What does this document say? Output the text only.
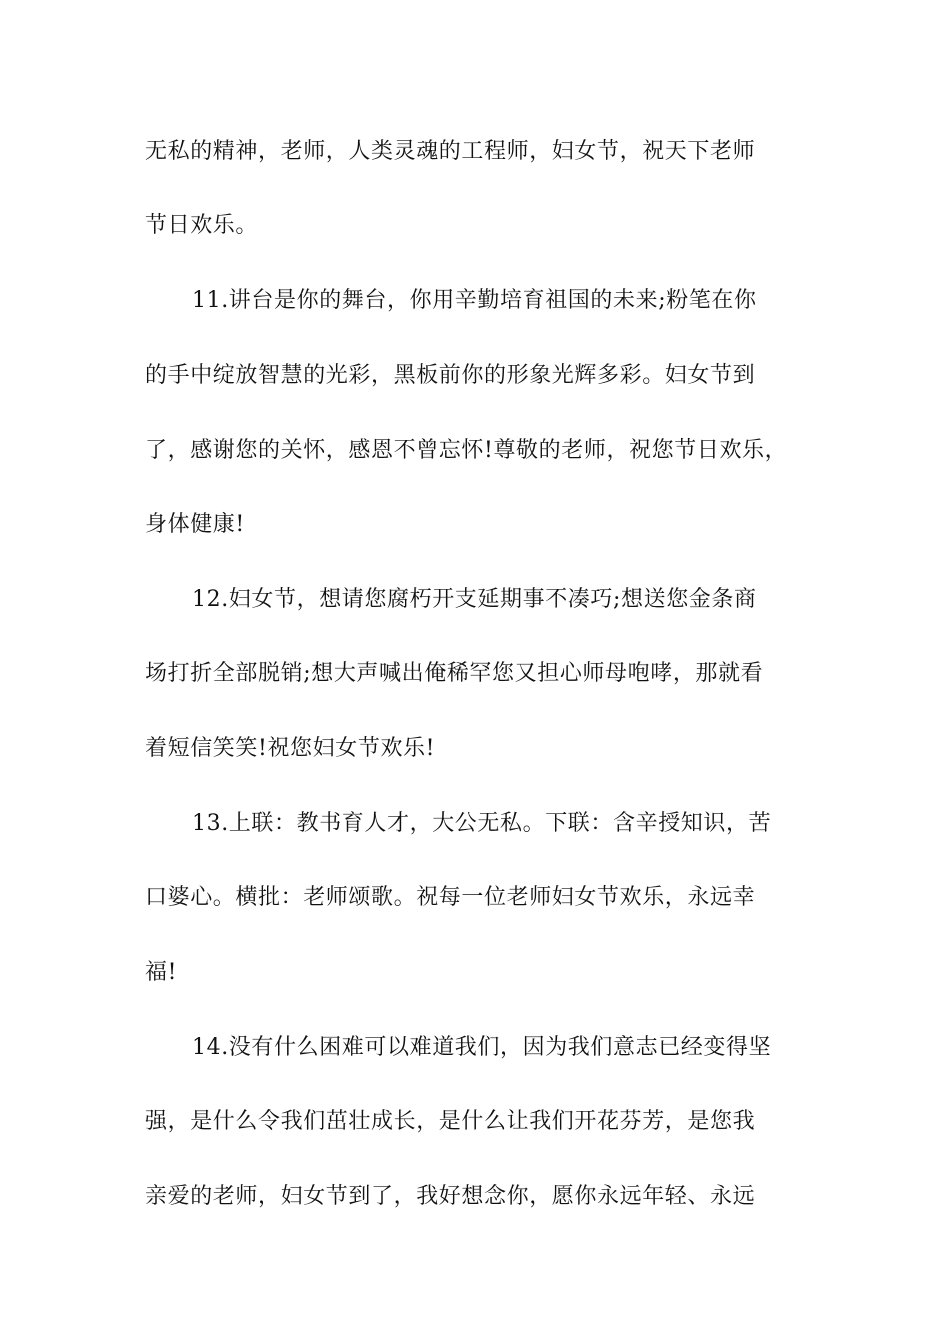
无私的精神，老师，人类灵魂的工程师，妇女节，祝天下老师
节日欢乐。
11.讲台是你的舞台，你用辛勤培育祖国的未来;粉笔在你
的手中绽放智慧的光彩，黑板前你的形象光辉多彩。妇女节到
了，感谢您的关怀，感恩不曾忘怀!尊敬的老师，祝您节日欢乐，
身体健康!
12.妇女节，想请您腐朽开支延期事不凑巧;想送您金条商
场打折全部脱销;想大声喊出俺稀罕您又担心师母咆哮，那就看
着短信笑笑!祝您妇女节欢乐!
13.上联：教书育人才，大公无私。下联：含辛授知识，苦
口婆心。横批：老师颂歌。祝每一位老师妇女节欢乐，永远幸
福!
14.没有什么困难可以难道我们，因为我们意志已经变得坚
强，是什么令我们茁壮成长，是什么让我们开花芬芳，是您我
亲爱的老师，妇女节到了，我好想念你，愿你永远年轻、永远
